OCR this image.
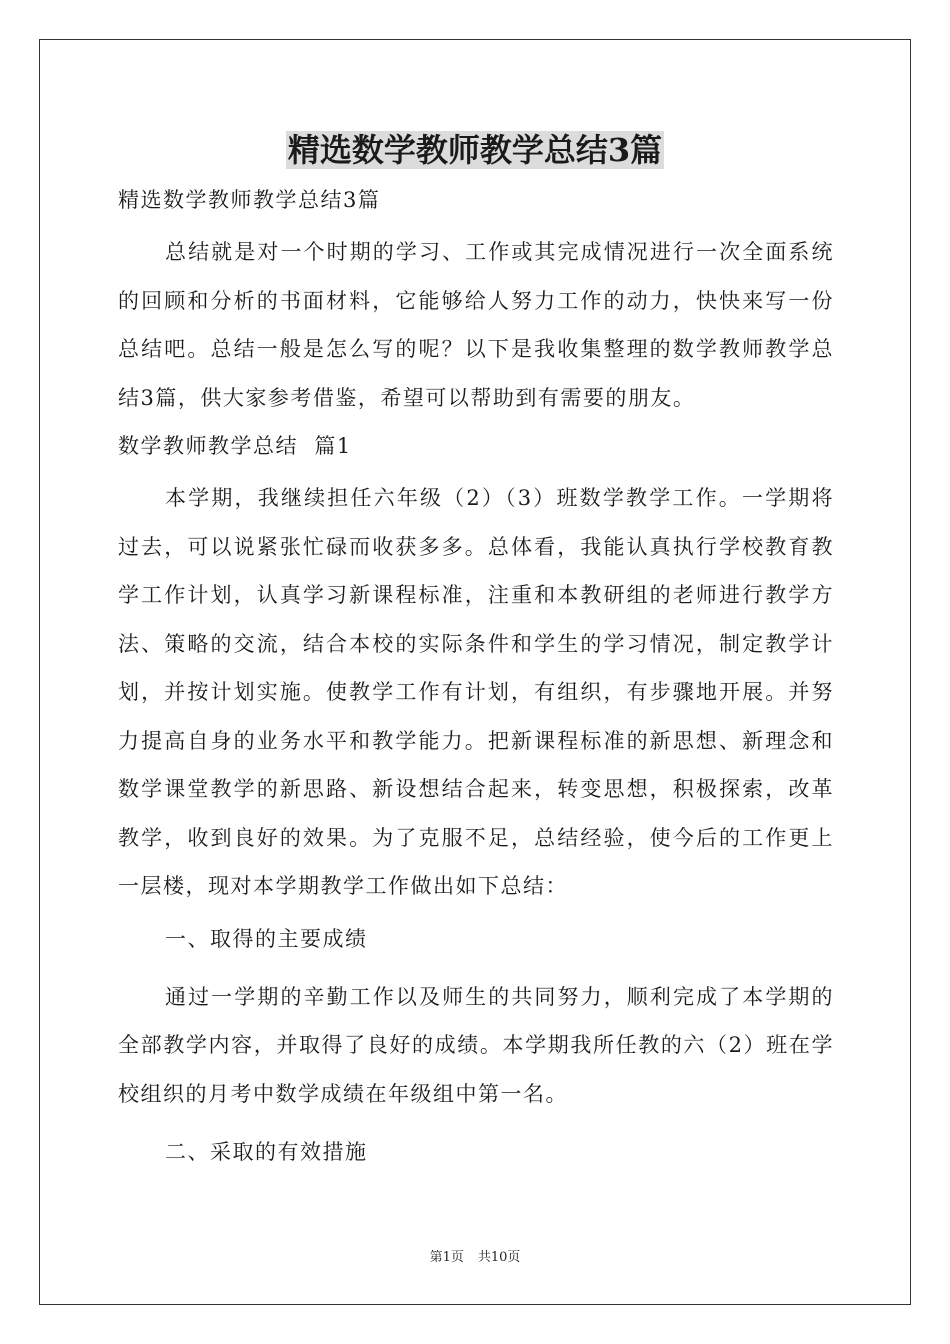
精选数学教师教学总结3篇

精选数学教师教学总结3篇

总结就是对一个时期的学习、工作或其完成情况进行一次全面系统的回顾和分析的书面材料，它能够给人努力工作的动力，快快来写一份总结吧。总结一般是怎么写的呢？以下是我收集整理的数学教师教学总结3篇，供大家参考借鉴，希望可以帮助到有需要的朋友。

数学教师教学总结  篇1

本学期，我继续担任六年级（2）（3）班数学教学工作。一学期将过去，可以说紧张忙碌而收获多多。总体看，我能认真执行学校教育教学工作计划，认真学习新课程标准，注重和本教研组的老师进行教学方法、策略的交流，结合本校的实际条件和学生的学习情况，制定教学计划，并按计划实施。使教学工作有计划，有组织，有步骤地开展。并努力提高自身的业务水平和教学能力。把新课程标准的新思想、新理念和数学课堂教学的新思路、新设想结合起来，转变思想，积极探索，改革教学，收到良好的效果。为了克服不足，总结经验，使今后的工作更上一层楼，现对本学期教学工作做出如下总结：

一、取得的主要成绩

通过一学期的辛勤工作以及师生的共同努力，顺利完成了本学期的全部教学内容，并取得了良好的成绩。本学期我所任教的六（2）班在学校组织的月考中数学成绩在年级组中第一名。

二、采取的有效措施

第1页 共10页
